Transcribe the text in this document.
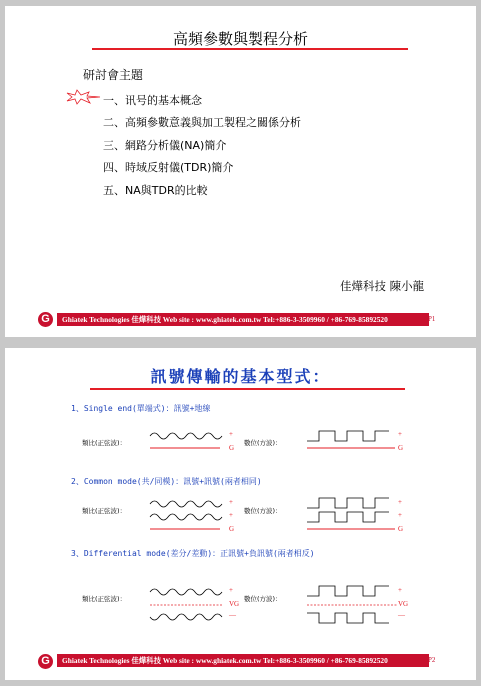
高頻參數與製程分析
研討會主題
一、讯号的基本概念
二、高頻參數意義與加工製程之關係分析
三、網路分析儀(NA)簡介
四、時域反射儀(TDR)簡介
五、NA與TDR的比較
佳燁科技 陳小龍
G	Ghiatek Technologies 佳燁科技 Web site : www.ghiatek.com.tw Tel:+886-3-3509960 / +86-769-85892520	P1
訊號傳輸的基本型式：
1、Single end(單端式)：訊號+地線
類比(正弦波)：
+
G
數位(方波)：
+
G
2、Common mode(共/同模)：訊號+訊號(兩者相同)
類比(正弦波)：
+
+
G
數位(方波)：
+
+
G
3、Differential mode(差分/差動)：正訊號+負訊號(兩者相反)
類比(正弦波)：
+
VG
—
數位(方波)：
+
VG
—
G	Ghiatek Technologies 佳燁科技 Web site : www.ghiatek.com.tw Tel:+886-3-3509960 / +86-769-85892520	P2
